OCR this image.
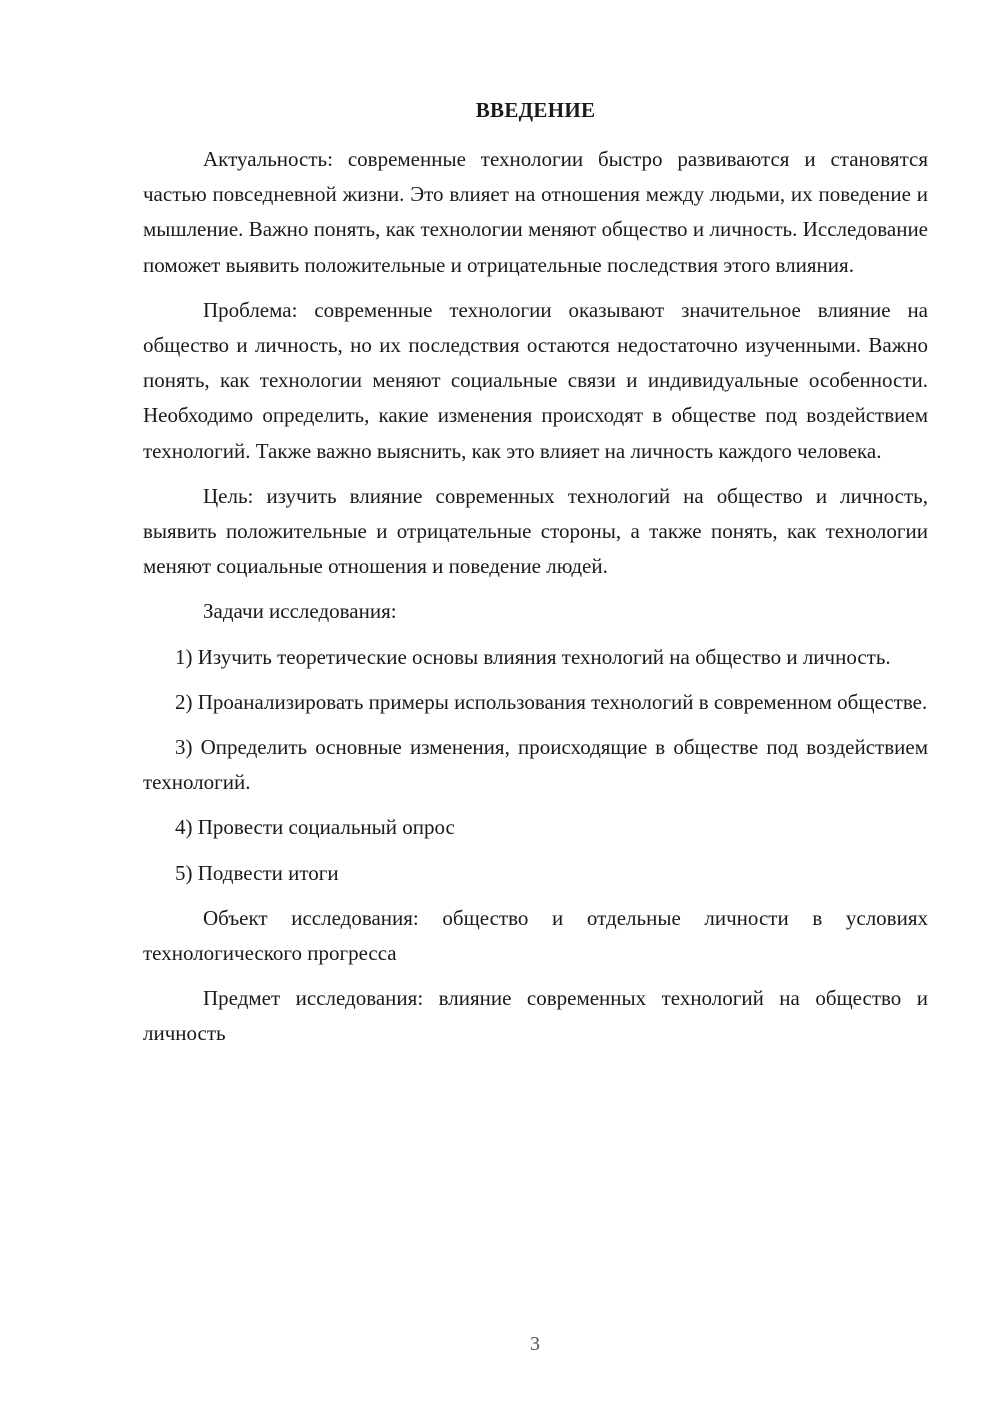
ВВЕДЕНИЕ

Актуальность: современные технологии быстро развиваются и становятся частью повседневной жизни. Это влияет на отношения между людьми, их поведение и мышление. Важно понять, как технологии меняют общество и личность. Исследование поможет выявить положительные и отрицательные последствия этого влияния.

Проблема: современные технологии оказывают значительное влияние на общество и личность, но их последствия остаются недостаточно изученными. Важно понять, как технологии меняют социальные связи и индивидуальные особенности. Необходимо определить, какие изменения происходят в обществе под воздействием технологий. Также важно выяснить, как это влияет на личность каждого человека.

Цель: изучить влияние современных технологий на общество и личность, выявить положительные и отрицательные стороны, а также понять, как технологии меняют социальные отношения и поведение людей.

Задачи исследования:

1) Изучить теоретические основы влияния технологий на общество и личность.

2) Проанализировать примеры использования технологий в современном обществе.

3) Определить основные изменения, происходящие в обществе под воздействием технологий.

4) Провести социальный опрос

5) Подвести итоги

Объект исследования: общество и отдельные личности в условиях технологического прогресса

Предмет исследования: влияние современных технологий на общество и личность

3
